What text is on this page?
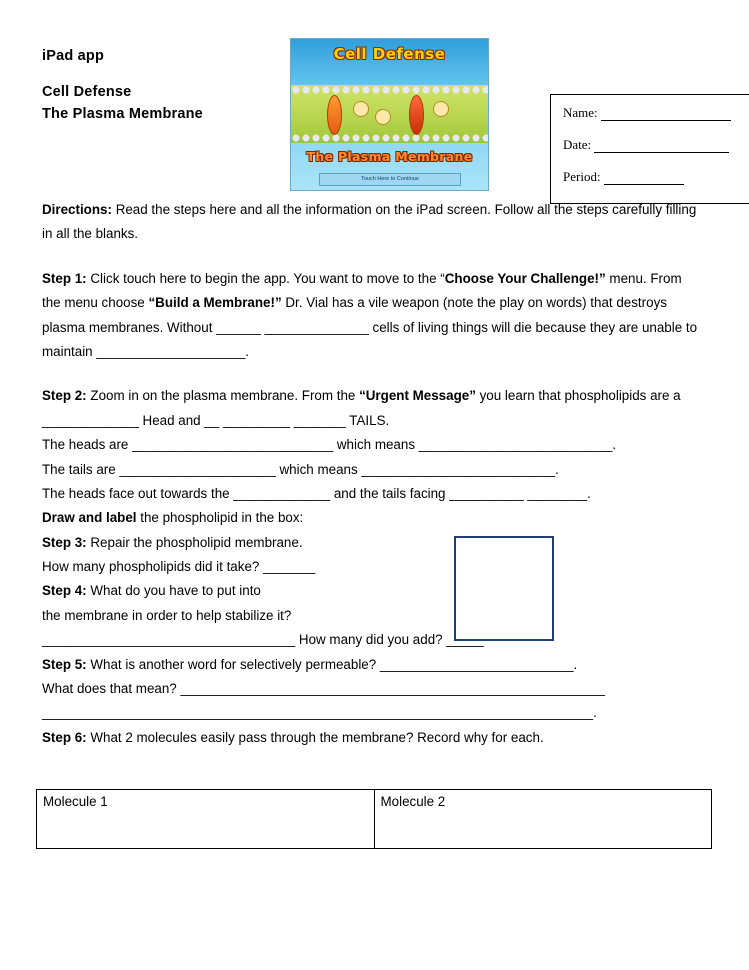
iPad app
Cell Defense
The Plasma Membrane
Cell Defense
The Plasma Membrane
Touch Here to Continue
Name:
Date:
Period:
Directions: Read the steps here and all the information on the iPad screen. Follow all the steps carefully filling in all the blanks.
Step 1: Click touch here to begin the app. You want to move to the “Choose Your Challenge!” menu. From the menu choose “Build a Membrane!” Dr. Vial has a vile weapon (note the play on words) that destroys plasma membranes. Without ______ ______________ cells of living things will die because they are unable to maintain ____________________.
Step 2: Zoom in on the plasma membrane. From the “Urgent Message” you learn that phospholipids are a _____________ Head and __ _________ _______ TAILS.
The heads are ___________________________ which means __________________________.
The tails are _____________________ which means __________________________.
The heads face out towards the _____________ and the tails facing __________ ________.
Draw and label the phospholipid in the box:
Step 3: Repair the phospholipid membrane.
How many phospholipids did it take? _______
Step 4: What do you have to put into
the membrane in order to help stabilize it?
__________________________________ How many did you add? _____
Step 5: What is another word for selectively permeable? __________________________.
What does that mean? _________________________________________________________
__________________________________________________________________________.
Step 6: What 2 molecules easily pass through the membrane? Record why for each.
Molecule 1	Molecule 2
